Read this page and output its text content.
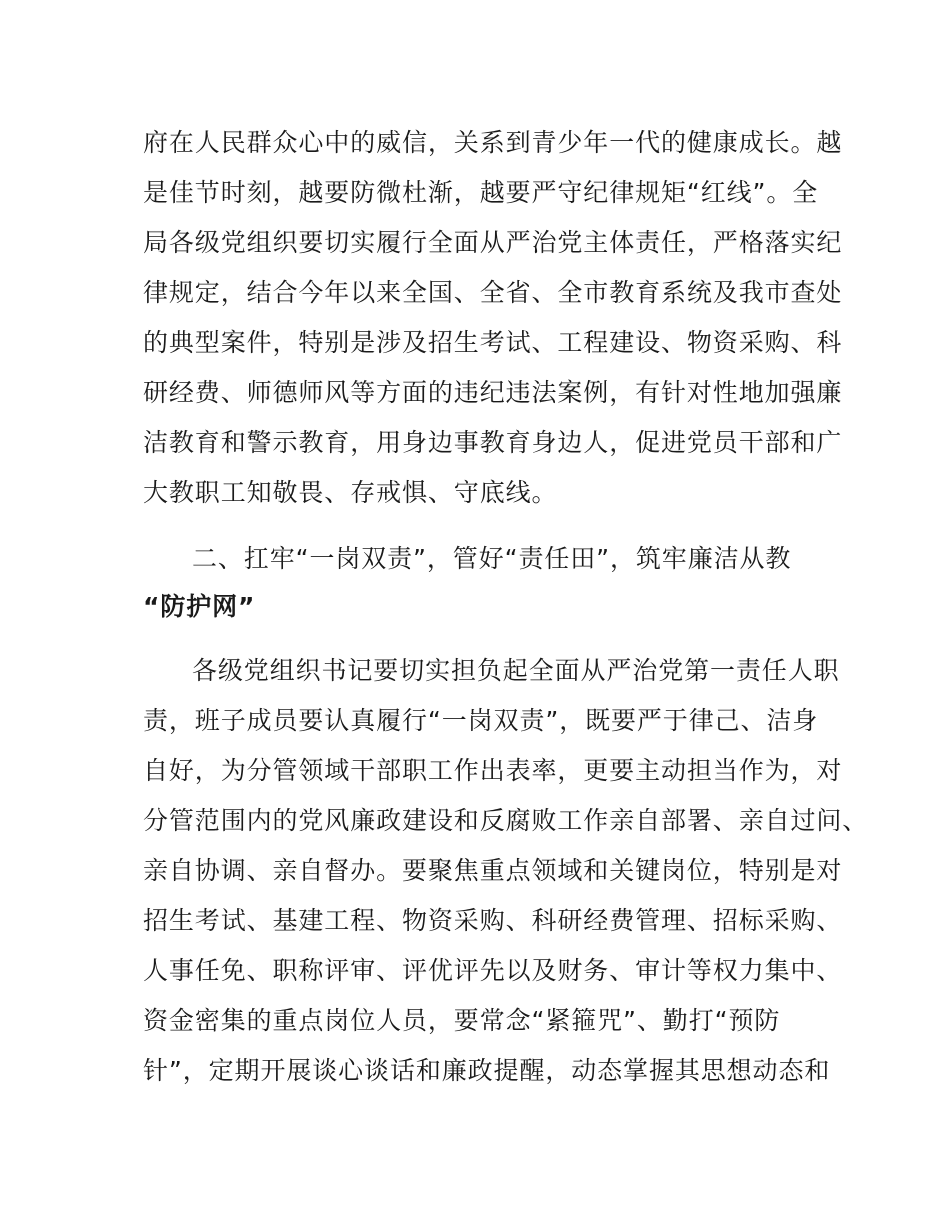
府在人民群众心中的威信，关系到青少年一代的健康成长。越
是佳节时刻，越要防微杜渐，越要严守纪律规矩“红线”。全
局各级党组织要切实履行全面从严治党主体责任，严格落实纪
律规定，结合今年以来全国、全省、全市教育系统及我市查处
的典型案件，特别是涉及招生考试、工程建设、物资采购、科
研经费、师德师风等方面的违纪违法案例，有针对性地加强廉
洁教育和警示教育，用身边事教育身边人，促进党员干部和广
大教职工知敬畏、存戒惧、守底线。
二、扛牢“一岗双责”，管好“责任田”，筑牢廉洁从教
“防护网”
各级党组织书记要切实担负起全面从严治党第一责任人职
责，班子成员要认真履行“一岗双责”，既要严于律己、洁身
自好，为分管领域干部职工作出表率，更要主动担当作为，对
分管范围内的党风廉政建设和反腐败工作亲自部署、亲自过问、
亲自协调、亲自督办。要聚焦重点领域和关键岗位，特别是对
招生考试、基建工程、物资采购、科研经费管理、招标采购、
人事任免、职称评审、评优评先以及财务、审计等权力集中、
资金密集的重点岗位人员，要常念“紧箍咒”、勤打“预防
针”，定期开展谈心谈话和廉政提醒，动态掌握其思想动态和
